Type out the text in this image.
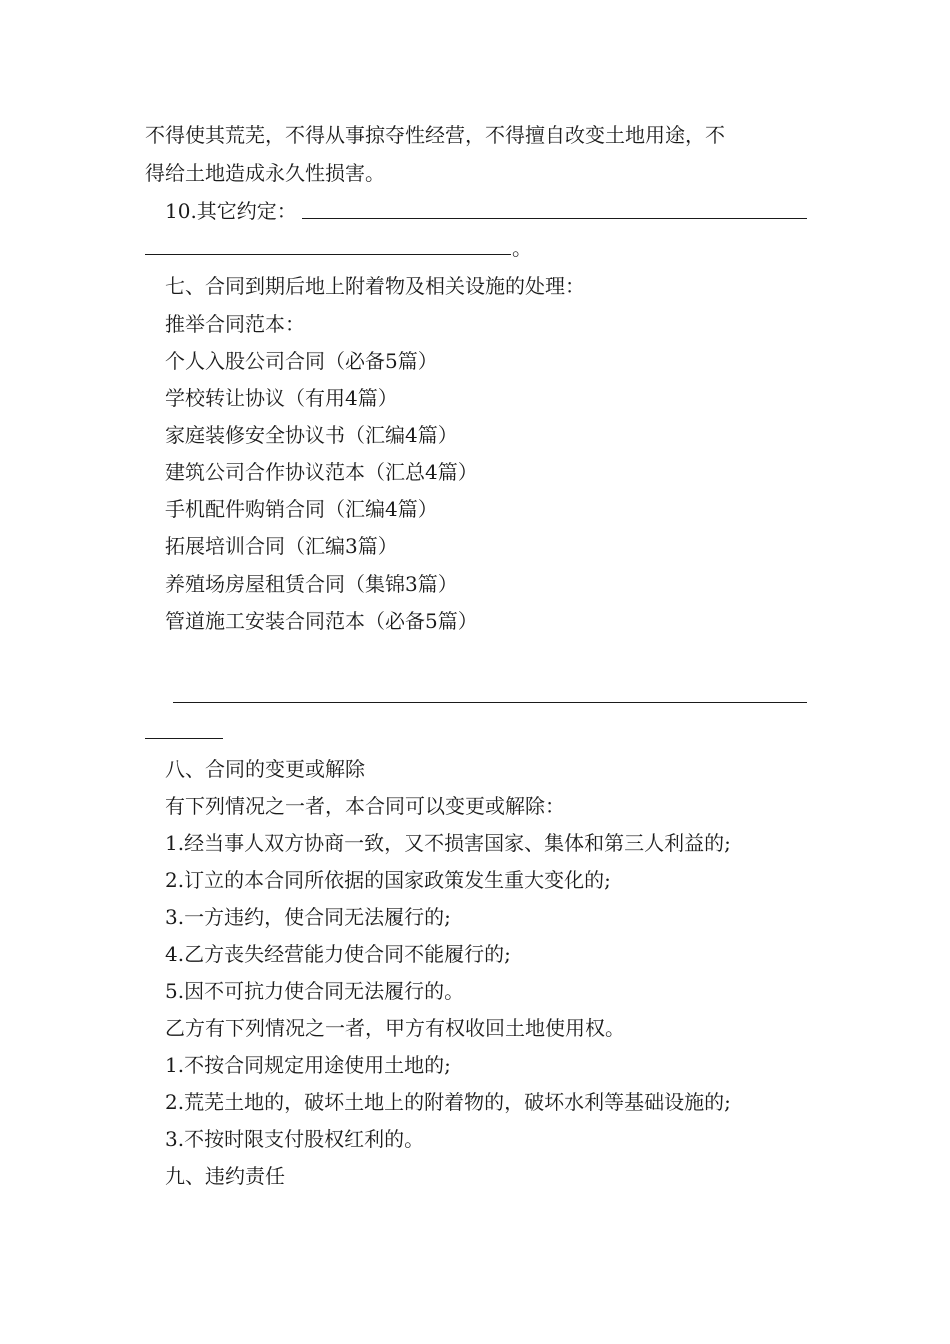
不得使其荒芜，不得从事掠夺性经营，不得擅自改变土地用途，不
得给土地造成永久性损害。
10.其它约定：
。
七、合同到期后地上附着物及相关设施的处理：
推举合同范本：
个人入股公司合同（必备5篇）
学校转让协议（有用4篇）
家庭装修安全协议书（汇编4篇）
建筑公司合作协议范本（汇总4篇）
手机配件购销合同（汇编4篇）
拓展培训合同（汇编3篇）
养殖场房屋租赁合同（集锦3篇）
管道施工安装合同范本（必备5篇）
八、合同的变更或解除
有下列情况之一者，本合同可以变更或解除：
1.经当事人双方协商一致，又不损害国家、集体和第三人利益的;
2.订立的本合同所依据的国家政策发生重大变化的;
3.一方违约，使合同无法履行的;
4.乙方丧失经营能力使合同不能履行的;
5.因不可抗力使合同无法履行的。
乙方有下列情况之一者，甲方有权收回土地使用权。
1.不按合同规定用途使用土地的;
2.荒芜土地的，破坏土地上的附着物的，破坏水利等基础设施的;
3.不按时限支付股权红利的。
九、违约责任
